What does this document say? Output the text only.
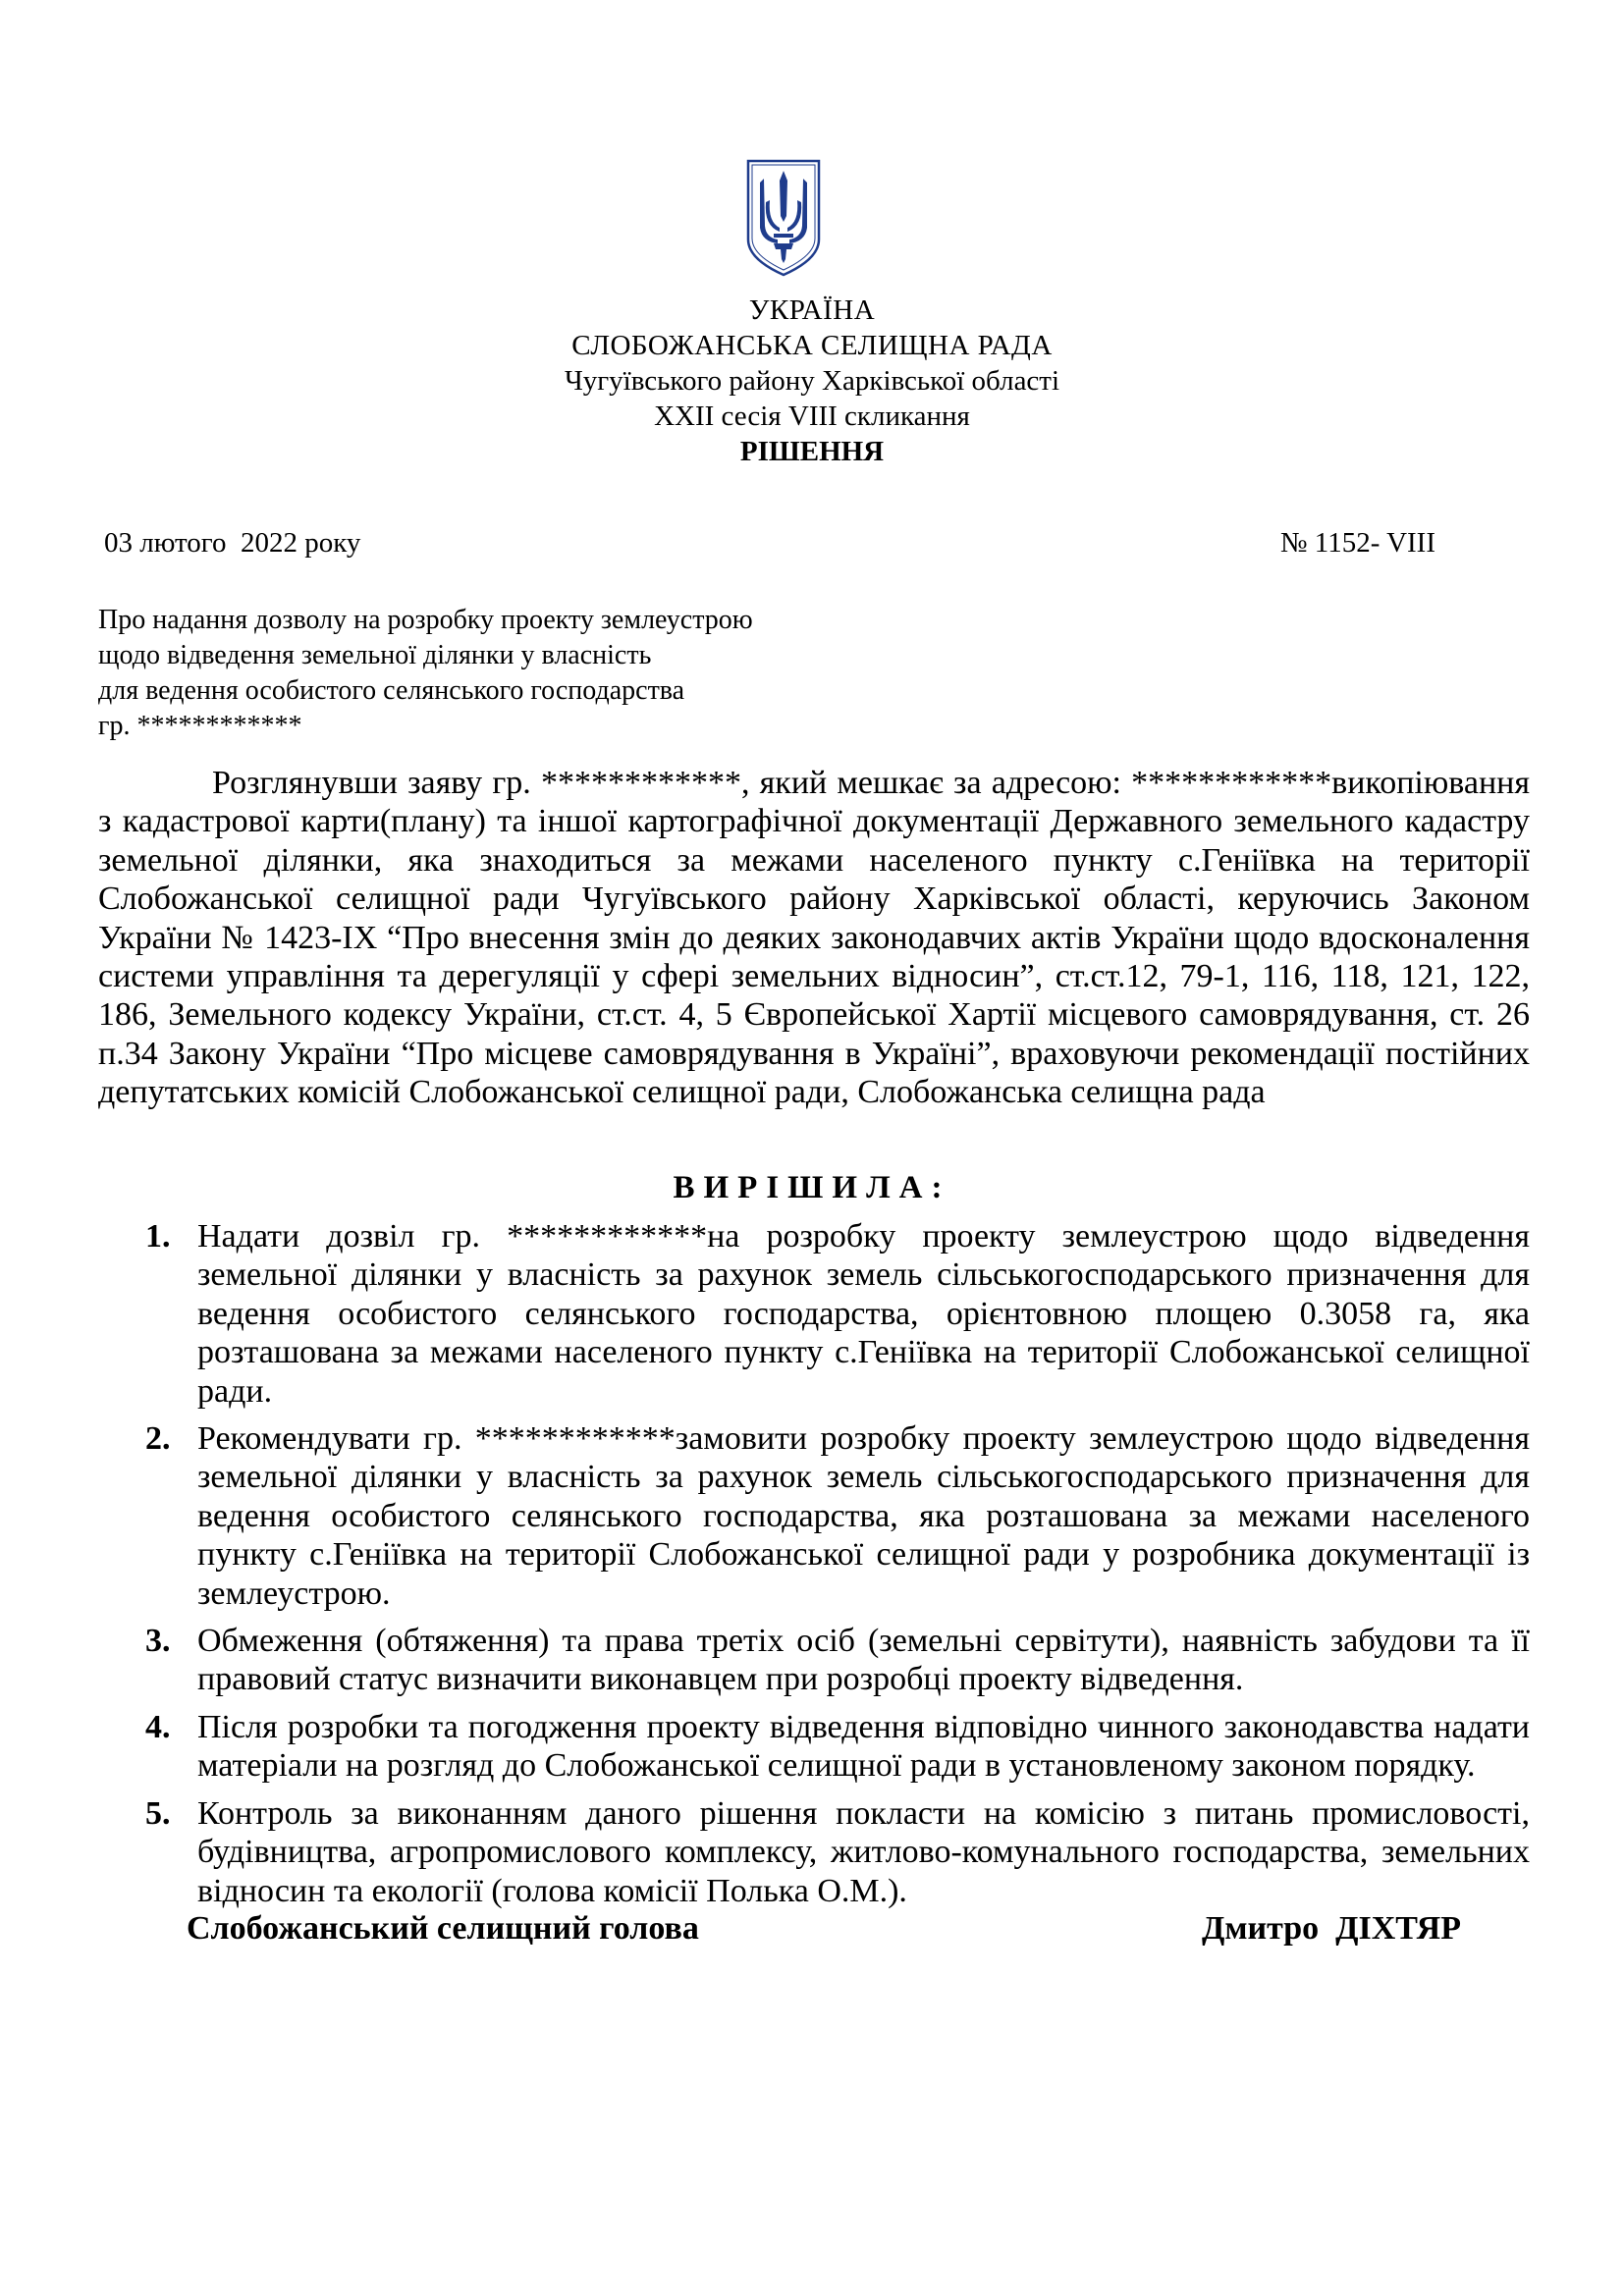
УКРАЇНА
СЛОБОЖАНСЬКА СЕЛИЩНА РАДА
Чугуївського району Харківської області
XXII сесія VIII скликання
РІШЕННЯ
03 лютого  2022 року	№ 1152- VIII
Про надання дозволу на розробку проекту землеустрою
щодо відведення земельної ділянки у власність
для ведення особистого селянського господарства
гр. ************
Розглянувши заяву гр. ************, який мешкає за адресою: ************викопіювання з кадастрової карти(плану) та іншої картографічної документації Державного земельного кадастру земельної ділянки, яка знаходиться за межами населеного пункту с.Геніївка на території Слобожанської селищної ради Чугуївського району Харківської області, керуючись Законом України № 1423-IX “Про внесення змін до деяких законодавчих актів України щодо вдосконалення системи управління та дерегуляції у сфері земельних відносин”, ст.ст.12, 79-1, 116, 118, 121, 122, 186, Земельного кодексу України, ст.ст. 4, 5 Європейської Хартії місцевого самоврядування, ст. 26 п.34 Закону України “Про місцеве самоврядування в Україні”, враховуючи рекомендації постійних депутатських комісій Слобожанської селищної ради, Слобожанська селищна рада
ВИРІШИЛА:
1. Надати дозвіл гр. ************на розробку проекту землеустрою щодо відведення земельної ділянки у власність за рахунок земель сільськогосподарського призначення для ведення особистого селянського господарства, орієнтовною площею 0.3058 га, яка розташована за межами населеного пункту с.Геніївка на території Слобожанської селищної ради.
2. Рекомендувати гр. ************замовити розробку проекту землеустрою щодо відведення земельної ділянки у власність за рахунок земель сільськогосподарського призначення для ведення особистого селянського господарства, яка розташована за межами населеного пункту с.Геніївка на території Слобожанської селищної ради у розробника документації із землеустрою.
3. Обмеження (обтяження) та права третіх осіб (земельні сервітути), наявність забудови та її правовий статус визначити виконавцем при розробці проекту відведення.
4. Після розробки та погодження проекту відведення відповідно чинного законодавства надати матеріали на розгляд до Слобожанської селищної ради в установленому законом порядку.
5. Контроль за виконанням даного рішення покласти на комісію з питань промисловості, будівництва, агропромислового комплексу, житлово-комунального господарства, земельних відносин та екології (голова комісії Полька О.М.).
Слобожанський селищний голова	Дмитро  ДІХТЯР
